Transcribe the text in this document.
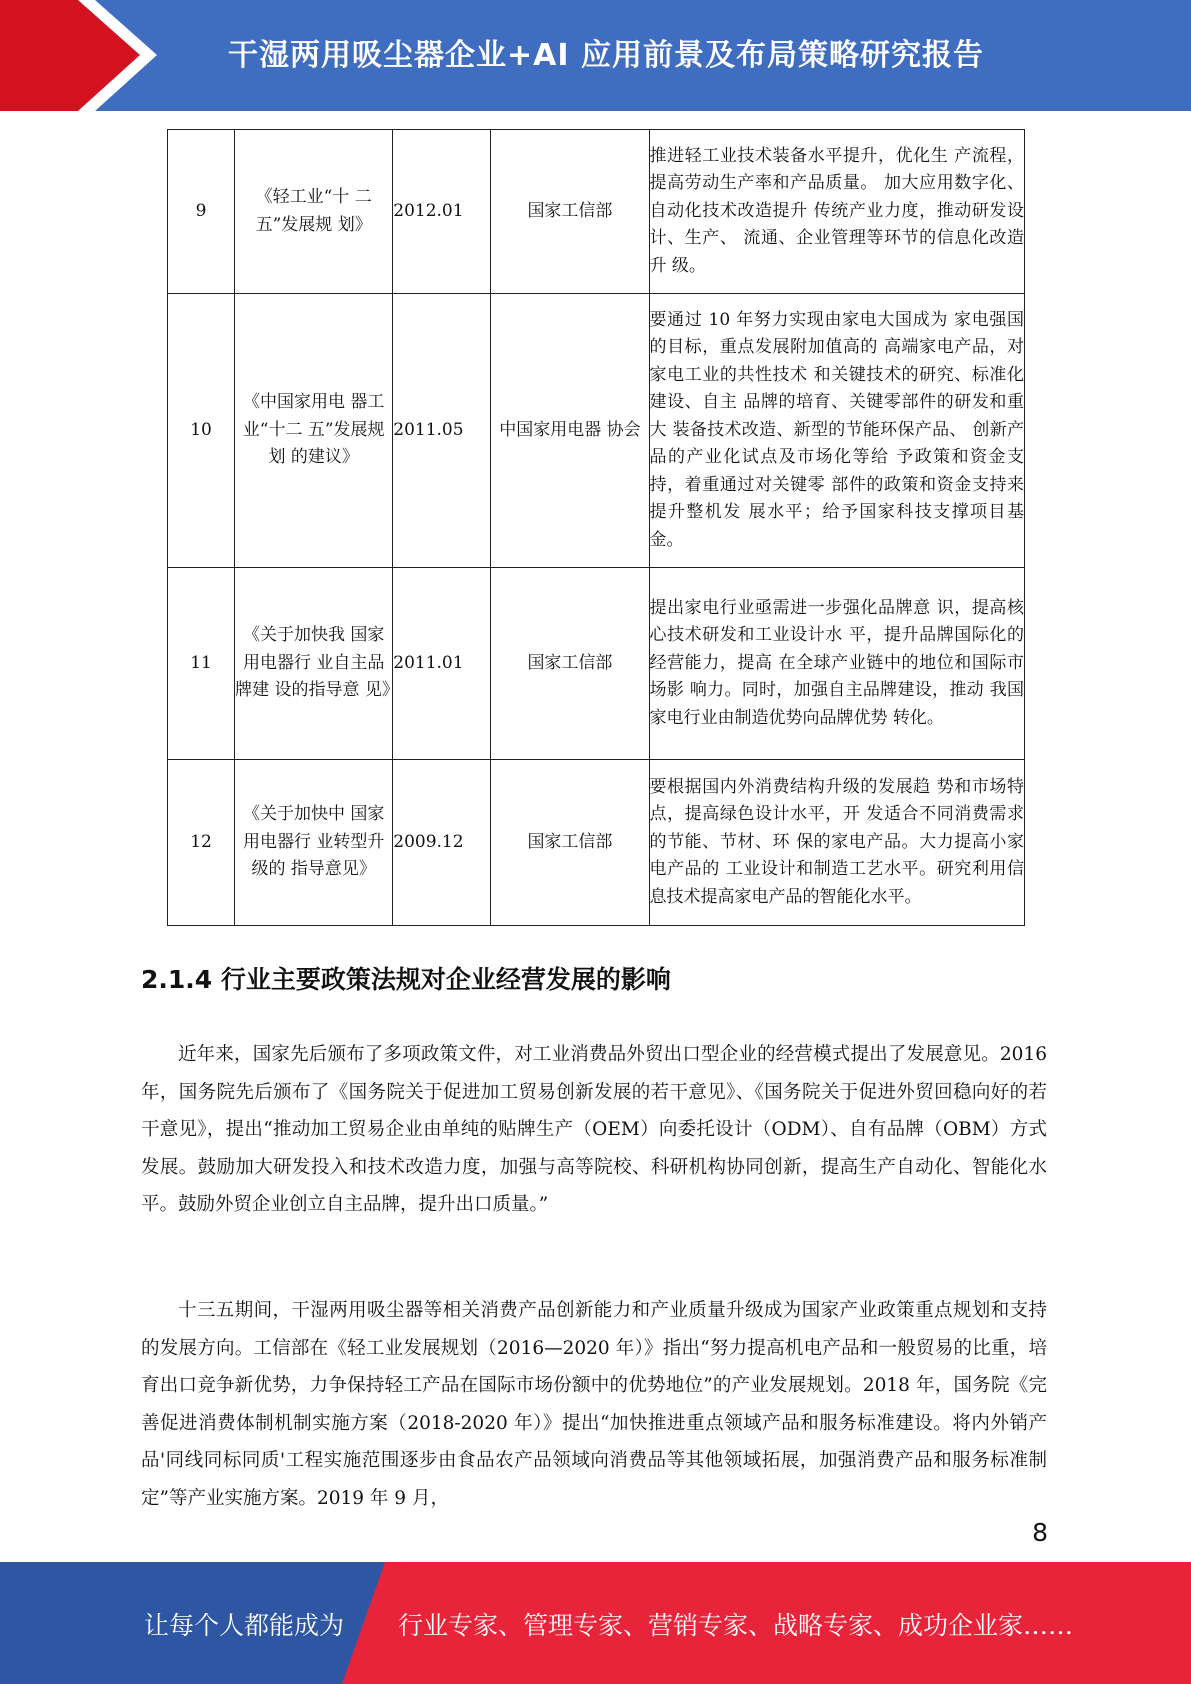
干湿两用吸尘器企业+AI 应用前景及布局策略研究报告
9	《轻工业“十 二五”发展规 划》	2012.01	国家工信部	推进轻工业技术装备水平提升，优化生 产流程，提高劳动生产率和产品质量。 加大应用数字化、自动化技术改造提升 传统产业力度，推动研发设计、生产、 流通、企业管理等环节的信息化改造升 级。
10	《中国家用电 器工业“十二 五”发展规划 的建议》	2011.05	中国家用电器 协会	要通过 10 年努力实现由家电大国成为 家电强国的目标，重点发展附加值高的 高端家电产品，对家电工业的共性技术 和关键技术的研究、标准化建设、自主 品牌的培育、关键零部件的研发和重大 装备技术改造、新型的节能环保产品、 创新产品的产业化试点及市场化等给 予政策和资金支持，着重通过对关键零 部件的政策和资金支持来提升整机发 展水平；给予国家科技支撑项目基金。
11	《关于加快我 国家用电器行 业自主品牌建 设的指导意 见》	2011.01	国家工信部	提出家电行业亟需进一步强化品牌意 识，提高核心技术研发和工业设计水 平，提升品牌国际化的经营能力，提高 在全球产业链中的地位和国际市场影 响力。同时，加强自主品牌建设，推动 我国家电行业由制造优势向品牌优势 转化。
12	《关于加快中 国家用电器行 业转型升级的 指导意见》	2009.12	国家工信部	要根据国内外消费结构升级的发展趋 势和市场特点，提高绿色设计水平，开 发适合不同消费需求的节能、节材、环 保的家电产品。大力提高小家电产品的 工业设计和制造工艺水平。研究利用信 息技术提高家电产品的智能化水平。
2.1.4 行业主要政策法规对企业经营发展的影响

近年来，国家先后颁布了多项政策文件，对工业消费品外贸出口型企业的经营模式提出了发展意见。2016 年，国务院先后颁布了《国务院关于促进加工贸易创新发展的若干意见》、《国务院关于促进外贸回稳向好的若干意见》，提出“推动加工贸易企业由单纯的贴牌生产（OEM）向委托设计（ODM）、自有品牌（OBM）方式发展。鼓励加大研发投入和技术改造力度，加强与高等院校、科研机构协同创新，提高生产自动化、智能化水平。鼓励外贸企业创立自主品牌，提升出口质量。”

十三五期间，干湿两用吸尘器等相关消费产品创新能力和产业质量升级成为国家产业政策重点规划和支持的发展方向。工信部在《轻工业发展规划（2016—2020 年）》指出“努力提高机电产品和一般贸易的比重，培育出口竞争新优势，力争保持轻工产品在国际市场份额中的优势地位”的产业发展规划。2018 年，国务院《完善促进消费体制机制实施方案（2018-2020 年）》提出“加快推进重点领域产品和服务标准建设。将内外销产品'同线同标同质'工程实施范围逐步由食品农产品领域向消费品等其他领域拓展，加强消费产品和服务标准制定”等产业实施方案。2019 年 9 月，

8
让每个人都能成为 行业专家、管理专家、营销专家、战略专家、成功企业家……
